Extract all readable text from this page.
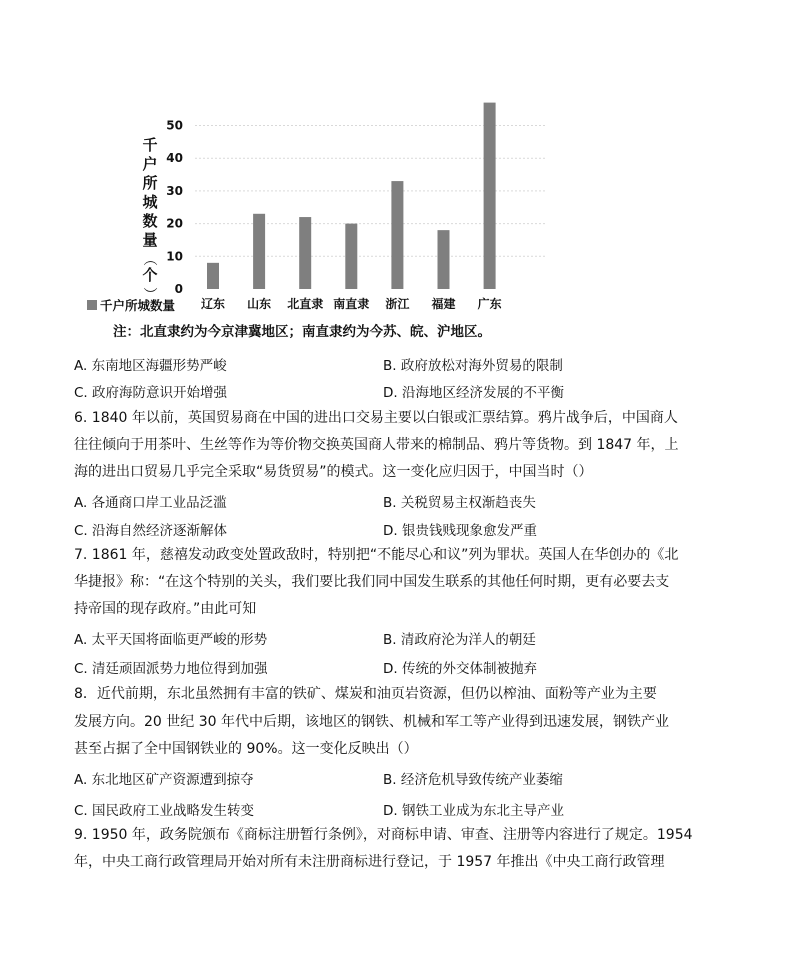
0
10
20
30
40
50
辽东 山东 北直隶 南直隶 浙江 福建 广东
千
户
所
城
数
量
（
个
）
千户所城数量
注：北直隶约为今京津冀地区；南直隶约为今苏、皖、沪地区。
A. 东南地区海疆形势严峻	B. 政府放松对海外贸易的限制
C. 政府海防意识开始增强	D. 沿海地区经济发展的不平衡
6. 1840 年以前，英国贸易商在中国的进出口交易主要以白银或汇票结算。鸦片战争后，中国商人
往往倾向于用茶叶、生丝等作为等价物交换英国商人带来的棉制品、鸦片等货物。到 1847 年，上
海的进出口贸易几乎完全采取“易货贸易”的模式。这一变化应归因于，中国当时（）
A. 各通商口岸工业品泛滥	B. 关税贸易主权渐趋丧失
C. 沿海自然经济逐渐解体	D. 银贵钱贱现象愈发严重
7. 1861 年，慈禧发动政变处置政敌时，特别把“不能尽心和议”列为罪状。英国人在华创办的《北
华捷报》称：“在这个特别的关头，我们要比我们同中国发生联系的其他任何时期，更有必要去支
持帝国的现存政府。”由此可知
A. 太平天国将面临更严峻的形势	B. 清政府沦为洋人的朝廷
C. 清廷顽固派势力地位得到加强	D. 传统的外交体制被抛弃
8．近代前期，东北虽然拥有丰富的铁矿、煤炭和油页岩资源，但仍以榨油、面粉等产业为主要
发展方向。20 世纪 30 年代中后期，该地区的钢铁、机械和军工等产业得到迅速发展，钢铁产业
甚至占据了全中国钢铁业的 90%。这一变化反映出（）
A. 东北地区矿产资源遭到掠夺	B. 经济危机导致传统产业萎缩
C. 国民政府工业战略发生转变	D. 钢铁工业成为东北主导产业
9. 1950 年，政务院颁布《商标注册暂行条例》，对商标申请、审查、注册等内容进行了规定。1954
年，中央工商行政管理局开始对所有未注册商标进行登记，于 1957 年推出《中央工商行政管理
